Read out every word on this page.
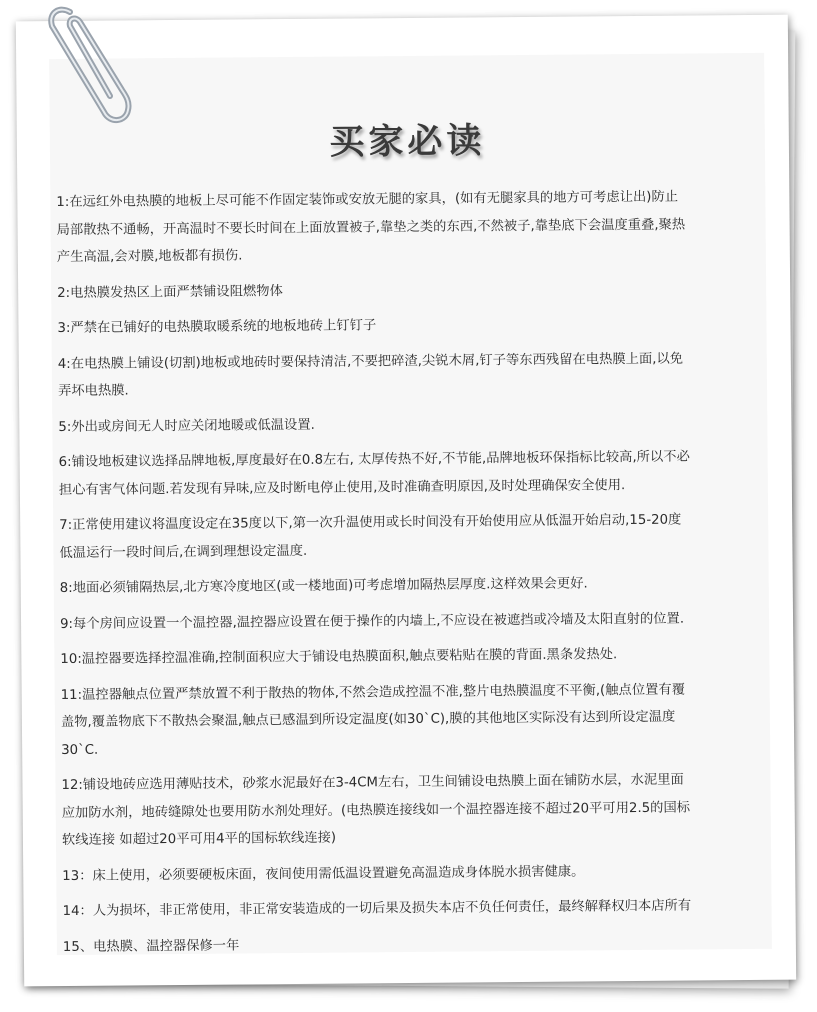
买家必读

1:在远红外电热膜的地板上尽可能不作固定装饰或安放无腿的家具，(如有无腿家具的地方可考虑让出)防止

局部散热不通畅，开高温时不要长时间在上面放置被子,靠垫之类的东西,不然被子,靠垫底下会温度重叠,聚热

产生高温,会对膜,地板都有损伤.

2:电热膜发热区上面严禁铺设阻燃物体

3:严禁在已铺好的电热膜取暖系统的地板地砖上钉钉子

4:在电热膜上铺设(切割)地板或地砖时要保持清洁,不要把碎渣,尖锐木屑,钉子等东西残留在电热膜上面,以免

弄坏电热膜.

5:外出或房间无人时应关闭地暖或低温设置.

6:铺设地板建议选择品牌地板,厚度最好在0.8左右, 太厚传热不好,不节能,品牌地板环保指标比较高,所以不必

担心有害气体问题.若发现有异味,应及时断电停止使用,及时准确查明原因,及时处理确保安全使用.

7:正常使用建议将温度设定在35度以下,第一次升温使用或长时间没有开始使用应从低温开始启动,15-20度

低温运行一段时间后,在调到理想设定温度.

8:地面必须铺隔热层,北方寒冷度地区(或一楼地面)可考虑增加隔热层厚度.这样效果会更好.

9:每个房间应设置一个温控器,温控器应设置在便于操作的内墙上,不应设在被遮挡或冷墙及太阳直射的位置.

10:温控器要选择控温准确,控制面积应大于铺设电热膜面积,触点要粘贴在膜的背面.黑条发热处.

11:温控器触点位置严禁放置不利于散热的物体,不然会造成控温不准,整片电热膜温度不平衡,(触点位置有覆

盖物,覆盖物底下不散热会聚温,触点已感温到所设定温度(如30`C),膜的其他地区实际没有达到所设定温度

30`C.

12:铺设地砖应选用薄贴技术，砂浆水泥最好在3-4CM左右，卫生间铺设电热膜上面在铺防水层，水泥里面

应加防水剂，地砖缝隙处也要用防水剂处理好。(电热膜连接线如一个温控器连接不超过20平可用2.5的国标

软线连接 如超过20平可用4平的国标软线连接)

13：床上使用，必须要硬板床面，夜间使用需低温设置避免高温造成身体脱水损害健康。

14：人为损坏，非正常使用，非正常安装造成的一切后果及损失本店不负任何责任，最终解释权归本店所有

15、电热膜、温控器保修一年
